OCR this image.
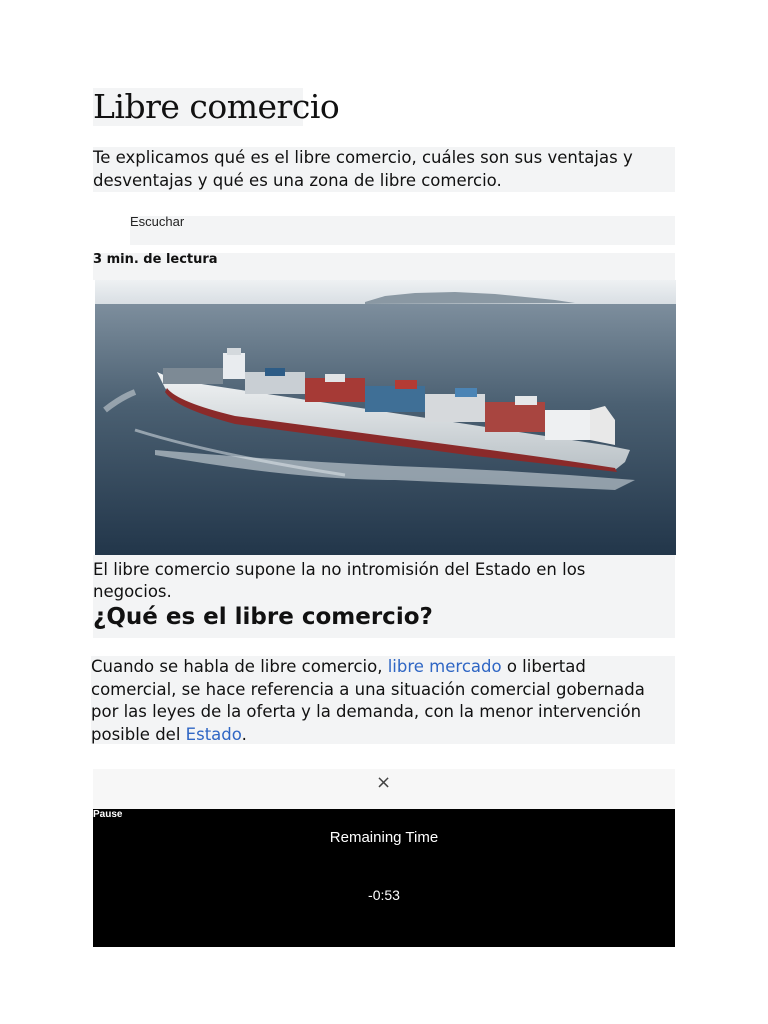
Libre comercio

Te explicamos qué es el libre comercio, cuáles son sus ventajas y desventajas y qué es una zona de libre comercio.

Escuchar
3 min. de lectura

El libre comercio supone la no intromisión del Estado en los negocios.

¿Qué es el libre comercio?

Cuando se habla de libre comercio, libre mercado o libertad comercial, se hace referencia a una situación comercial gobernada por las leyes de la oferta y la demanda, con la menor intervención posible del Estado.

×
Pause
Remaining Time
-0:53
